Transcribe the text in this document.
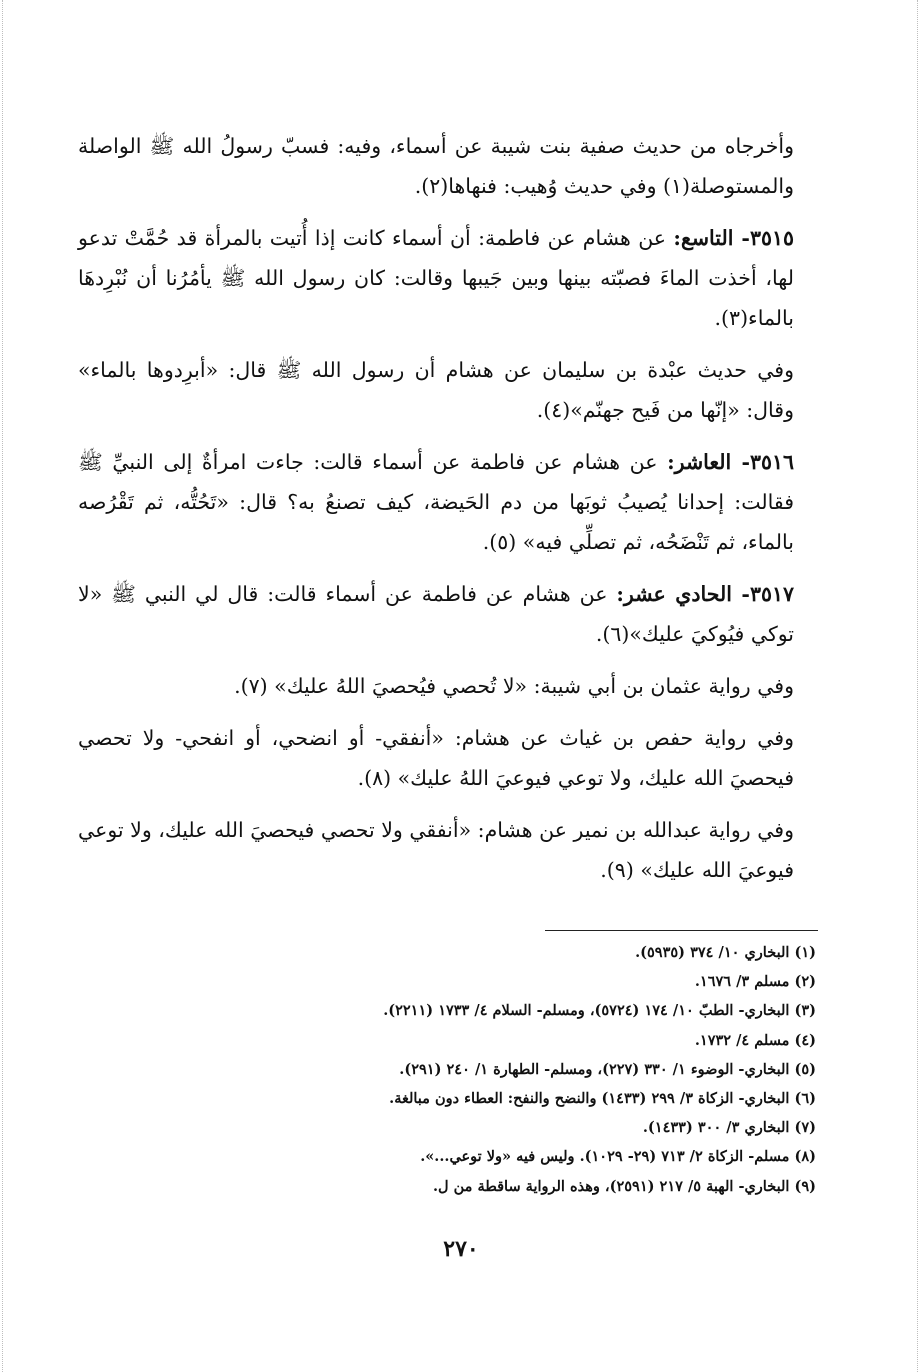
وأخرجاه من حديث صفية بنت شيبة عن أسماء، وفيه: فسبّ رسولُ الله ﷺ الواصلة والمستوصلة(١) وفي حديث وُهيب: فنهاها(٢).

٣٥١٥- التاسع: عن هشام عن فاطمة: أن أسماء كانت إذا أُتيت بالمرأة قد حُمَّتْ تدعو لها، أخذت الماءَ فصبّته بينها وبين جَيبها وقالت: كان رسول الله ﷺ يأمُرُنا أن نُبْرِدهَا بالماء(٣).

وفي حديث عبْدة بن سليمان عن هشام أن رسول الله ﷺ قال: «أبرِدوها بالماء» وقال: «إنّها من فَيح جهنّم»(٤).

٣٥١٦- العاشر: عن هشام عن فاطمة عن أسماء قالت: جاءت امرأةٌ إلى النبيِّ ﷺ فقالت: إحدانا يُصيبُ ثوبَها من دم الحَيضة، كيف تصنعُ به؟ قال: «تَحُتُّه، ثم تَقْرُصه بالماء، ثم تَنْضَحُه، ثم تصلِّي فيه» (٥).

٣٥١٧- الحادي عشر: عن هشام عن فاطمة عن أسماء قالت: قال لي النبي ﷺ «لا توكي فيُوكيَ عليك»(٦).

وفي رواية عثمان بن أبي شيبة: «لا تُحصي فيُحصيَ اللهُ عليك» (٧).

وفي رواية حفص بن غياث عن هشام: «أنفقي- أو انضحي، أو انفحي- ولا تحصي فيحصيَ الله عليك، ولا توعي فيوعيَ اللهُ عليك» (٨).

وفي رواية عبدالله بن نمير عن هشام: «أنفقي ولا تحصي فيحصيَ الله عليك، ولا توعي فيوعيَ الله عليك» (٩).

(١) البخاري ١٠/ ٣٧٤ (٥٩٣٥).

(٢) مسلم ٣/ ١٦٧٦.

(٣) البخاري- الطبّ ١٠/ ١٧٤ (٥٧٢٤)، ومسلم- السلام ٤/ ١٧٣٣ (٢٢١١).

(٤) مسلم ٤/ ١٧٣٢.

(٥) البخاري- الوضوء ١/ ٣٣٠ (٢٢٧)، ومسلم- الطهارة ١/ ٢٤٠ (٢٩١).

(٦) البخاري- الزكاة ٣/ ٢٩٩ (١٤٣٣) والنضح والنفح: العطاء دون مبالغة.

(٧) البخاري ٣/ ٣٠٠ (١٤٣٣).

(٨) مسلم- الزكاة ٢/ ٧١٣ (٢٩- ١٠٢٩). وليس فيه «ولا توعي...».

(٩) البخاري- الهبة ٥/ ٢١٧ (٢٥٩١)، وهذه الرواية ساقطة من ل.

٢٧٠
